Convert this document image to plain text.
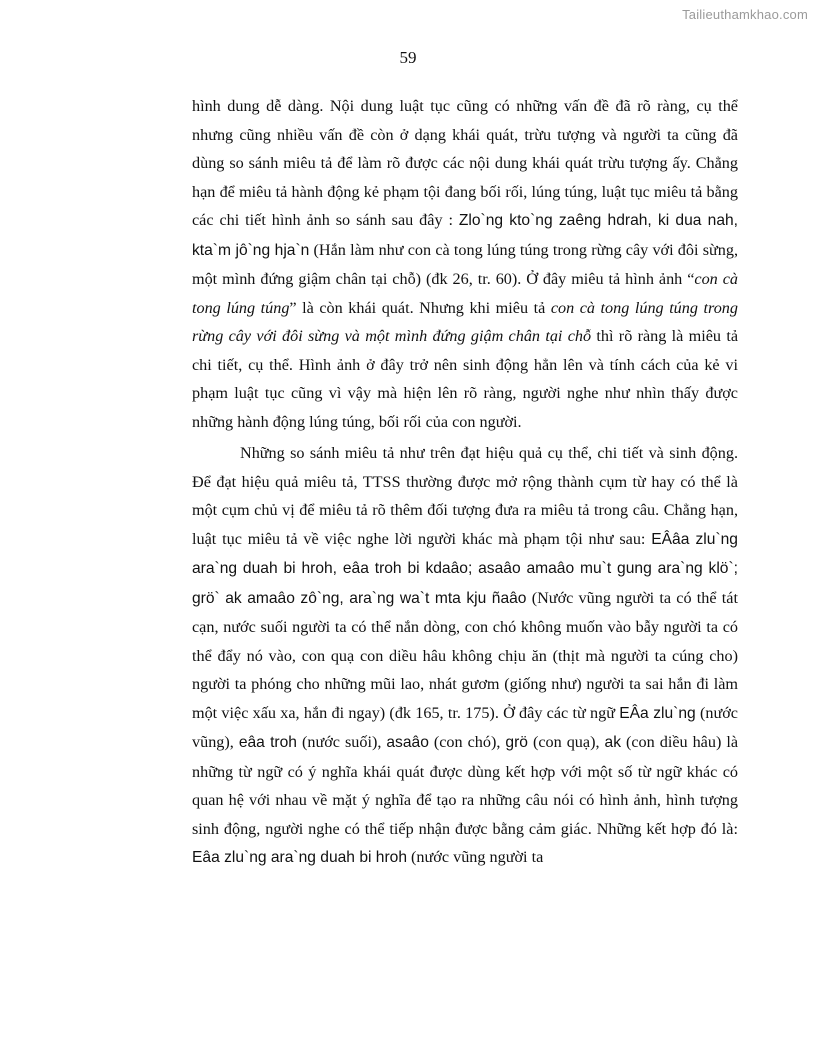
Tailieuthamkhao.com
59

hình dung dễ dàng. Nội dung luật tục cũng có những vấn đề đã rõ ràng, cụ thể nhưng cũng nhiều vấn đề còn ở dạng khái quát, trừu tượng và người ta cũng đã dùng so sánh miêu tả để làm rõ được các nội dung khái quát trừu tượng ấy. Chẳng hạn để miêu tả hành động kẻ phạm tội đang bối rối, lúng túng, luật tục miêu tả bằng các chi tiết hình ảnh so sánh sau đây : Zlo`ng kto`ng zaêng hdrah, ki dua nah, kta`m jô`ng hja`n (Hắn làm như con cà tong lúng túng trong rừng cây với đôi sừng, một mình đứng giậm chân tại chỗ) (đk 26, tr. 60). Ở đây miêu tả hình ảnh “con cà tong lúng túng” là còn khái quát. Nhưng khi miêu tả con cà tong lúng túng trong rừng cây với đôi sừng và một mình đứng giậm chân tại chỗ thì rõ ràng là miêu tả chi tiết, cụ thể. Hình ảnh ở đây trở nên sinh động hẳn lên và tính cách của kẻ vi phạm luật tục cũng vì vậy mà hiện lên rõ ràng, người nghe như nhìn thấy được những hành động lúng túng, bối rối của con người.

Những so sánh miêu tả như trên đạt hiệu quả cụ thể, chi tiết và sinh động. Để đạt hiệu quả miêu tả, TTSS thường được mở rộng thành cụm từ hay có thể là một cụm chủ vị để miêu tả rõ thêm đối tượng đưa ra miêu tả trong câu. Chẳng hạn, luật tục miêu tả về việc nghe lời người khác mà phạm tội như sau: EÂâa zlu`ng ara`ng duah bi hroh, eâa troh bi kdaâo; asaâo amaâo mu`t gung ara`ng klö`; grö` ak amaâo zô`ng, ara`ng wa`t mta kju ñaâo (Nước vũng người ta có thể tát cạn, nước suối người ta có thể nắn dòng, con chó không muốn vào bẫy người ta có thể đẩy nó vào, con quạ con diều hâu không chịu ăn (thịt mà người ta cúng cho) người ta phóng cho những mũi lao, nhát gươm (giống như) người ta sai hắn đi làm một việc xấu xa, hắn đi ngay) (đk 165, tr. 175). Ở đây các từ ngữ EÂa zlu`ng (nước vũng), eâa troh (nước suối), asaâo (con chó), grö (con quạ), ak (con diều hâu) là những từ ngữ có ý nghĩa khái quát được dùng kết hợp với một số từ ngữ khác có quan hệ với nhau về mặt ý nghĩa để tạo ra những câu nói có hình ảnh, hình tượng sinh động, người nghe có thể tiếp nhận được bằng cảm giác. Những kết hợp đó là: Eâa zlu`ng ara`ng duah bi hroh (nước vũng người ta
